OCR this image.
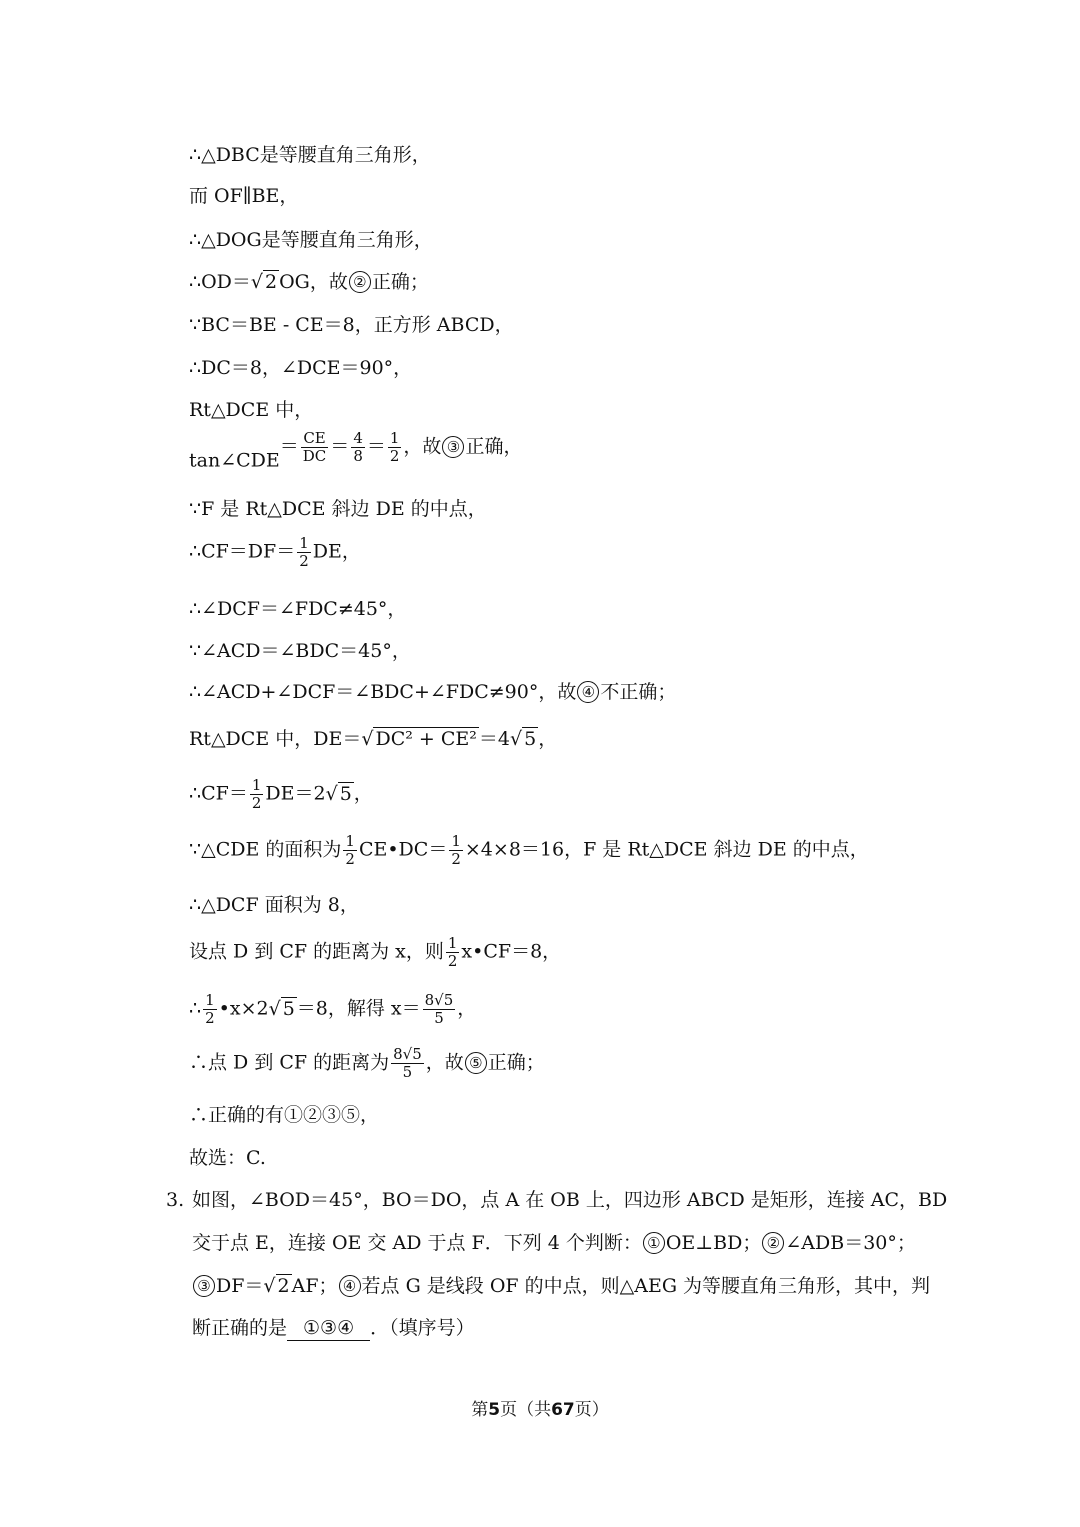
∴△DBC是等腰直角三角形，
而 OF∥BE，
∴△DOG是等腰直角三角形，
∴OD＝√ 2 OG，故 ② 正确；
∵BC＝BE - CE＝8，正方形 ABCD，
∴DC＝8，∠DCE＝90°，
Rt△DCE 中，
tan∠CDE＝ $\frac{CE}{DC} = \frac{4}{8} = \frac{1}{2}$ ，故 ③ 正确，
∵F 是 Rt△DCE 斜边 DE 的中点，
∴CF＝DF＝ $\frac{1}{2}$ DE，
∴∠DCF＝∠FDC≠45°，
∵∠ACD＝∠BDC＝45°，
∴∠ACD+∠DCF＝∠BDC+∠FDC≠90°，故 ④ 不正确；
Rt△DCE 中，DE＝√ DC² + CE² ＝4√ 5 ，
∴CF＝ $\frac{1}{2} DE=2√$ 5 ，
∵△CDE 的面积为 $\frac{1}{2}$ CE•DC＝ $\frac{1}{2} \times 4\times 8=16$，F 是 Rt△DCE 斜边 DE 的中点，
∴△DCF 面积为 8，
设点 D 到 CF 的距离为 x，则 $\frac{1}{2}$ x•CF＝8，
∴ $\frac{1}{2}$ •x×2√ 5 ＝8，解得 $x= \frac{8√5}{5}$ ，
∴点 D 到 CF 的距离为 $\frac{8√5}{5}$ ，故 ⑤ 正确；
∴正确的有①②③⑤，
故选：C.
3. 如图，∠BOD＝45°，BO＝DO，点 A 在 OB 上，四边形 ABCD 是矩形，连接 AC，BD
交于点 E，连接 OE 交 AD 于点 F．下列 4 个判断： ① OE⊥BD； ② ∠ADB＝30°；
③ DF＝√ 2 AF； ④ 若点 G 是线段 OF 的中点，则△AEG 为等腰直角三角形，其中，判
断正确的是 ①③④ ．（填序号）
第5页（共67页）
